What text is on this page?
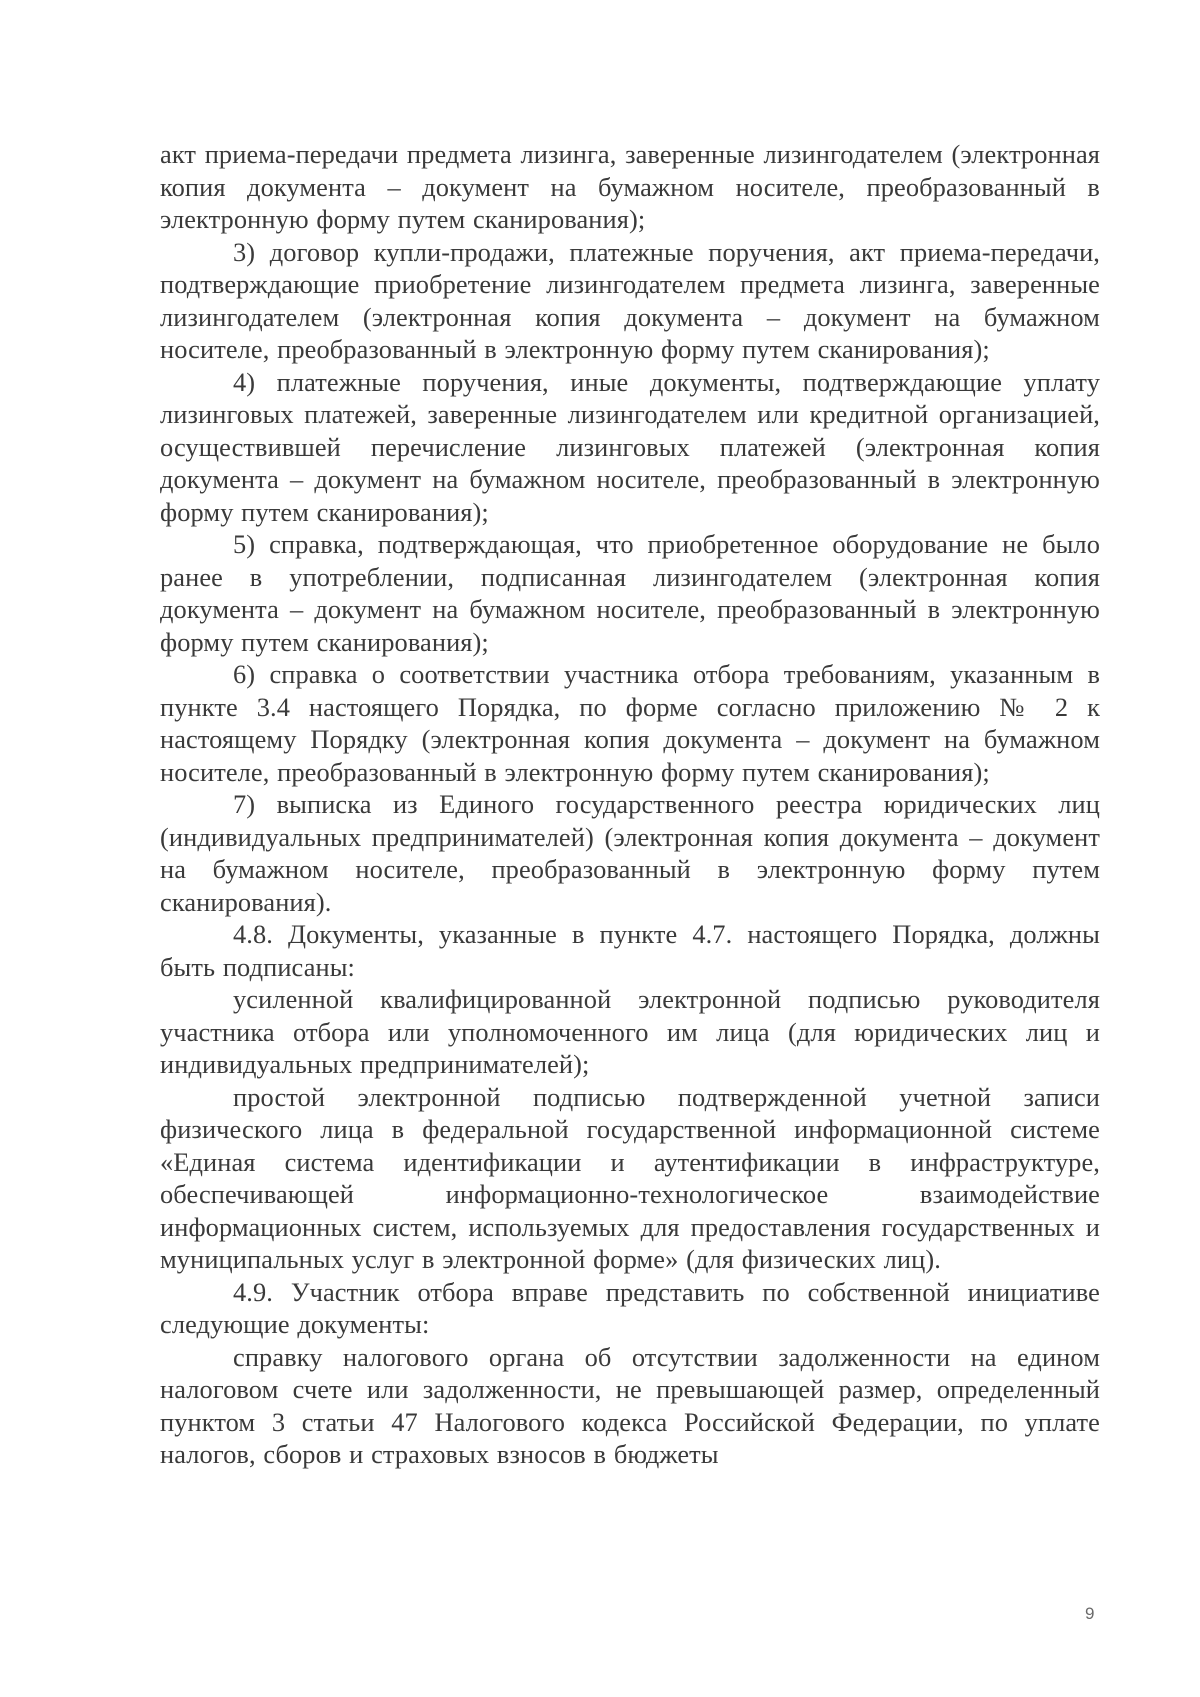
акт приема-передачи предмета лизинга, заверенные лизингодателем (электронная копия документа – документ на бумажном носителе, преобразованный в электронную форму путем сканирования);

3) договор купли-продажи, платежные поручения, акт приема-передачи, подтверждающие приобретение лизингодателем предмета лизинга, заверенные лизингодателем (электронная копия документа – документ на бумажном носителе, преобразованный в электронную форму путем сканирования);

4) платежные поручения, иные документы, подтверждающие уплату лизинговых платежей, заверенные лизингодателем или кредитной организацией, осуществившей перечисление лизинговых платежей (электронная копия документа – документ на бумажном носителе, преобразованный в электронную форму путем сканирования);

5) справка, подтверждающая, что приобретенное оборудование не было ранее в употреблении, подписанная лизингодателем (электронная копия документа – документ на бумажном носителе, преобразованный в электронную форму путем сканирования);

6) справка о соответствии участника отбора требованиям, указанным в пункте 3.4 настоящего Порядка, по форме согласно приложению № 2 к настоящему Порядку (электронная копия документа – документ на бумажном носителе, преобразованный в электронную форму путем сканирования);

7) выписка из Единого государственного реестра юридических лиц (индивидуальных предпринимателей) (электронная копия документа – документ на бумажном носителе, преобразованный в электронную форму путем сканирования).

4.8. Документы, указанные в пункте 4.7. настоящего Порядка, должны быть подписаны:

усиленной квалифицированной электронной подписью руководителя участника отбора или уполномоченного им лица (для юридических лиц и индивидуальных предпринимателей);

простой электронной подписью подтвержденной учетной записи физического лица в федеральной государственной информационной системе «Единая система идентификации и аутентификации в инфраструктуре, обеспечивающей информационно-технологическое взаимодействие информационных систем, используемых для предоставления государственных и муниципальных услуг в электронной форме» (для физических лиц).

4.9. Участник отбора вправе представить по собственной инициативе следующие документы:

справку налогового органа об отсутствии задолженности на едином налоговом счете или задолженности, не превышающей размер, определенный пунктом 3 статьи 47 Налогового кодекса Российской Федерации, по уплате налогов, сборов и страховых взносов в бюджеты

9
